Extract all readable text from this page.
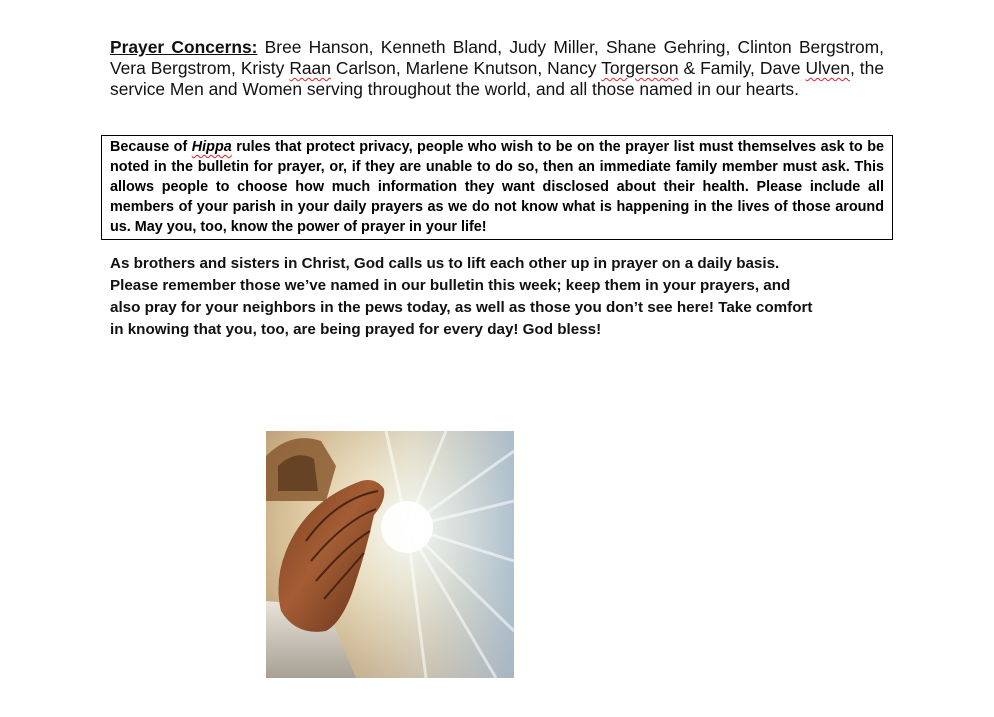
Prayer Concerns: Bree Hanson, Kenneth Bland, Judy Miller, Shane Gehring, Clinton Bergstrom, Vera Bergstrom, Kristy Raan Carlson, Marlene Knutson, Nancy Torgerson & Family, Dave Ulven, the service Men and Women serving throughout the world, and all those named in our hearts.
Because of Hippa rules that protect privacy, people who wish to be on the prayer list must themselves ask to be noted in the bulletin for prayer, or, if they are unable to do so, then an immediate family member must ask. This allows people to choose how much information they want disclosed about their health. Please include all members of your parish in your daily prayers as we do not know what is happening in the lives of those around us. May you, too, know the power of prayer in your life!
As brothers and sisters in Christ, God calls us to lift each other up in prayer on a daily basis.
Please remember those we’ve named in our bulletin this week; keep them in your prayers, and
also pray for your neighbors in the pews today, as well as those you don’t see here! Take comfort
in knowing that you, too, are being prayed for every day! God bless!
